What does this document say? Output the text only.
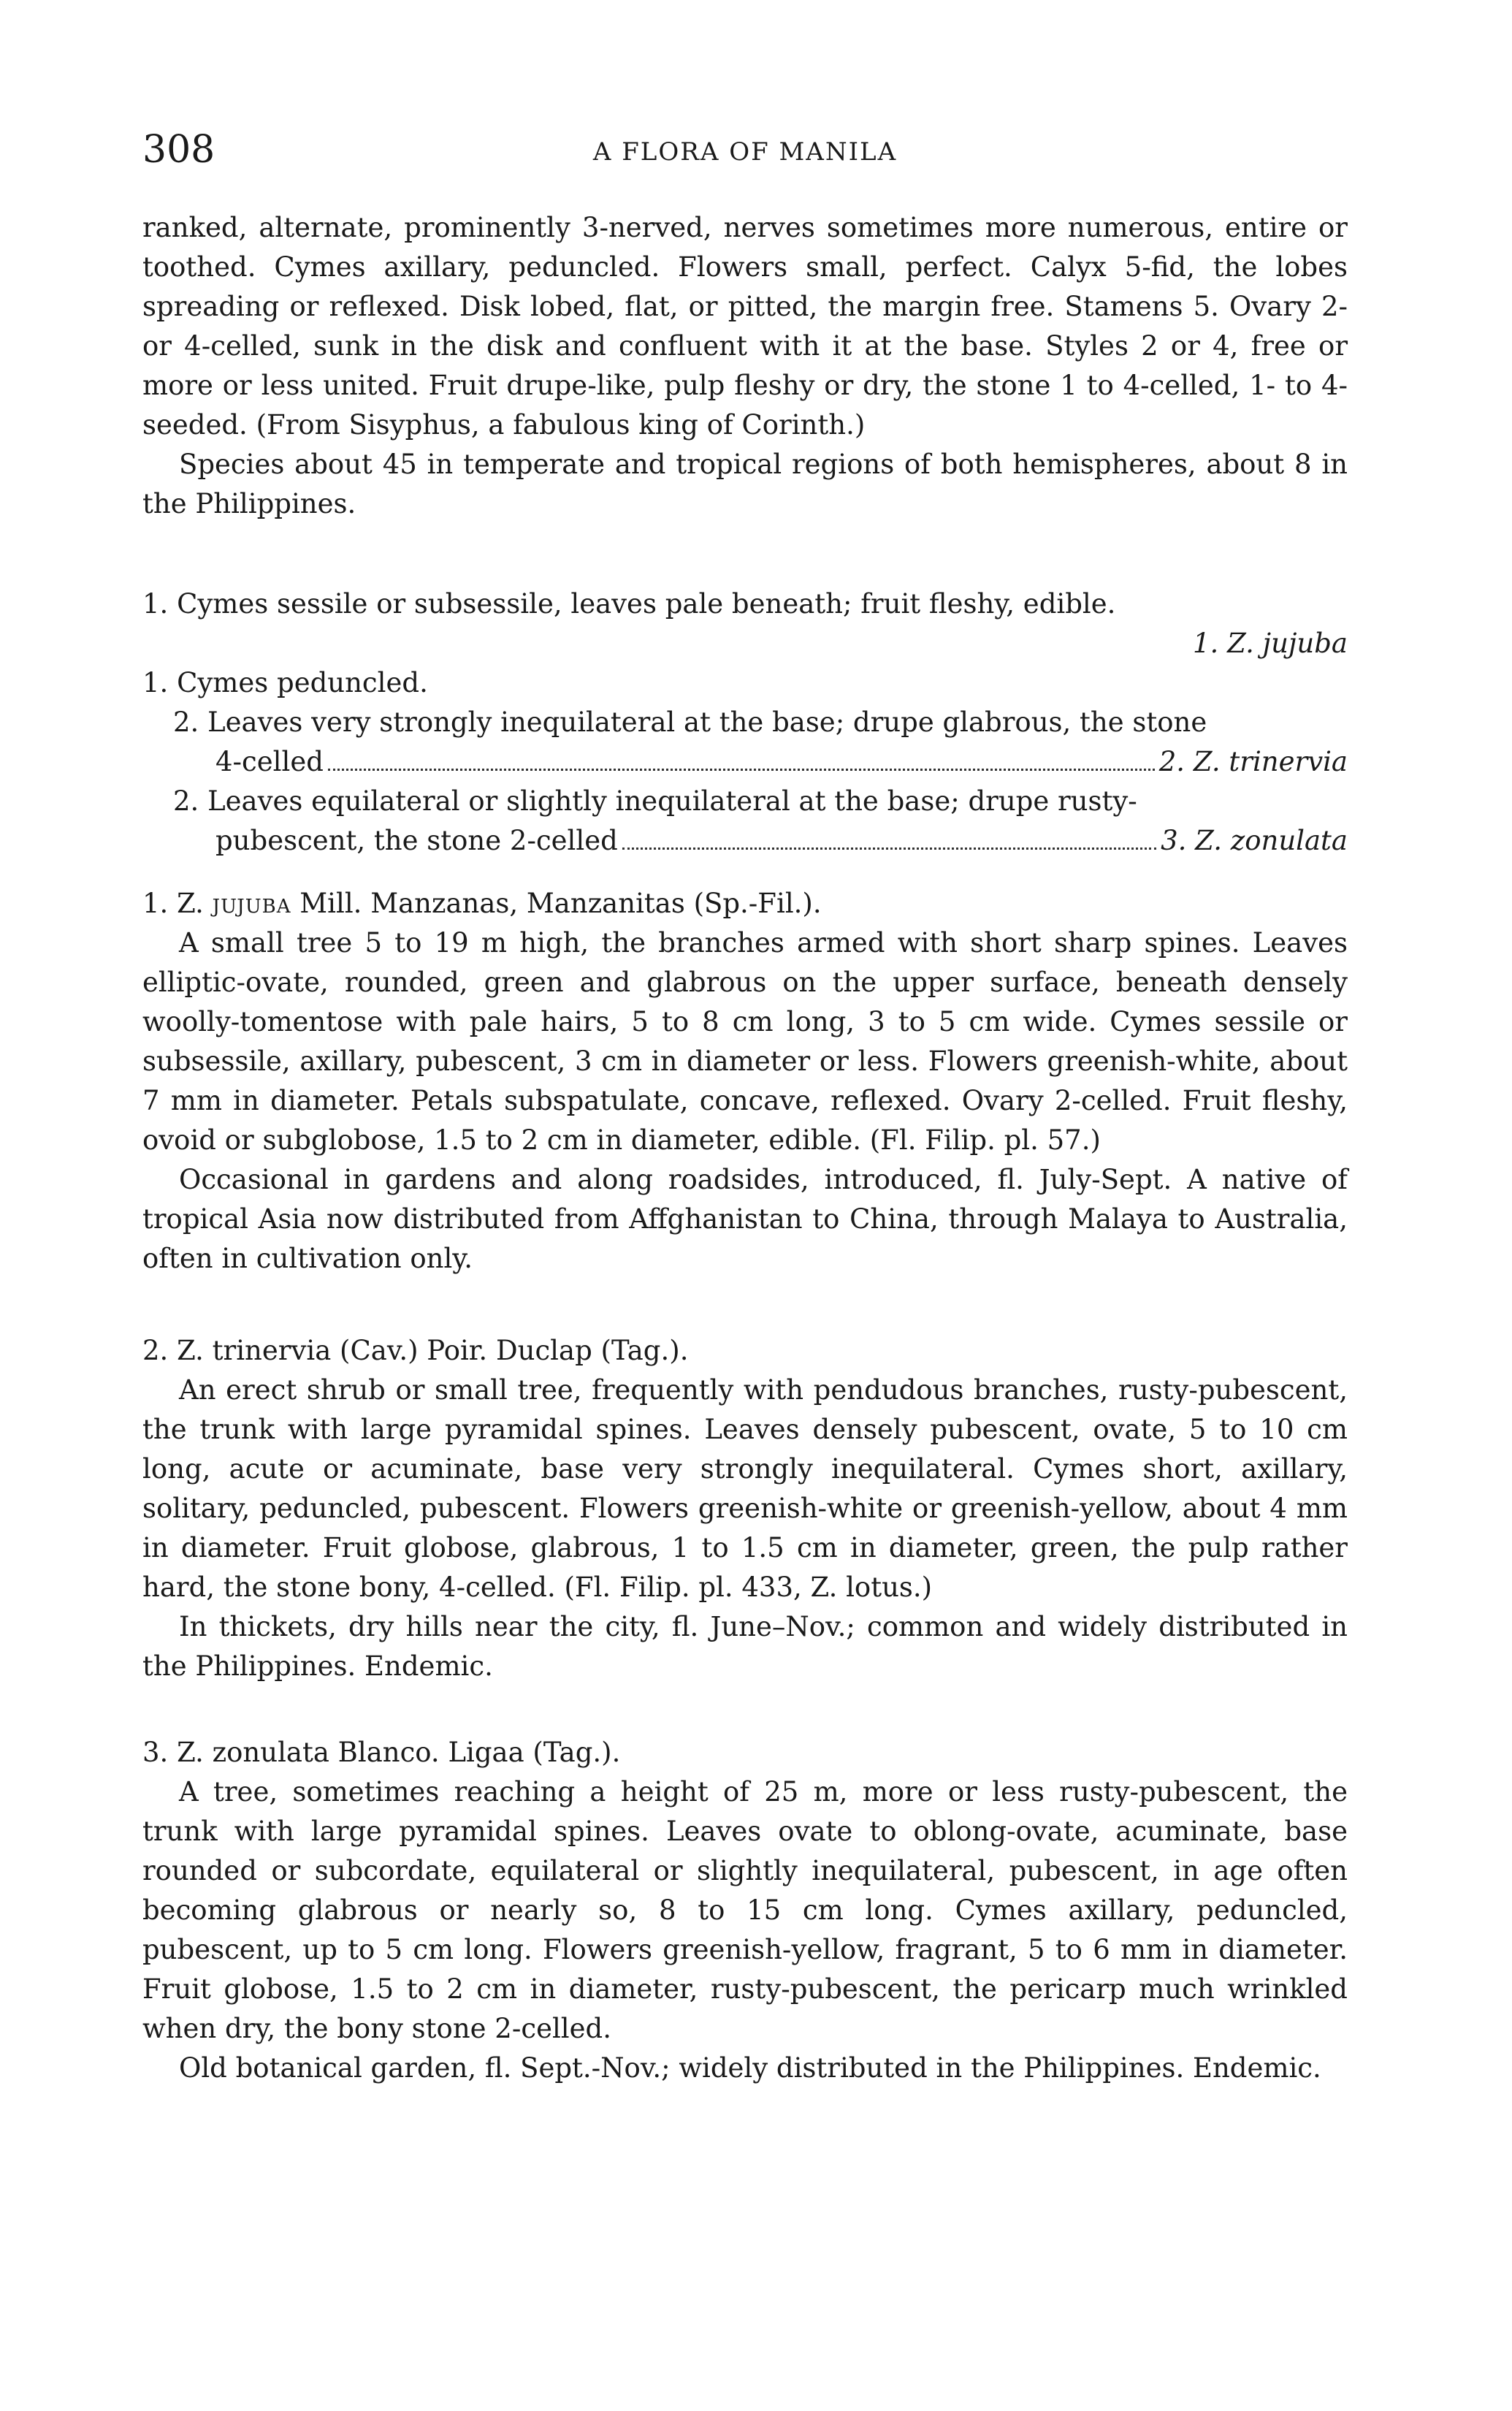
308	A FLORA OF MANILA

ranked, alternate, prominently 3-nerved, nerves sometimes more numerous, entire or toothed. Cymes axillary, peduncled. Flowers small, perfect. Calyx 5-fid, the lobes spreading or reflexed. Disk lobed, flat, or pitted, the margin free. Stamens 5. Ovary 2- or 4-celled, sunk in the disk and confluent with it at the base. Styles 2 or 4, free or more or less united. Fruit drupe-like, pulp fleshy or dry, the stone 1 to 4-celled, 1- to 4-seeded. (From Sisyphus, a fabulous king of Corinth.)

Species about 45 in temperate and tropical regions of both hemispheres, about 8 in the Philippines.

1. Cymes sessile or subsessile, leaves pale beneath; fruit fleshy, edible.
1. Z. jujuba
1. Cymes peduncled.
2. Leaves very strongly inequilateral at the base; drupe glabrous, the stone
4-celled	2. Z. trinervia
2. Leaves equilateral or slightly inequilateral at the base; drupe rusty-
pubescent, the stone 2-celled	3. Z. zonulata

1. Z. jujuba Mill. Manzanas, Manzanitas (Sp.-Fil.).

A small tree 5 to 19 m high, the branches armed with short sharp spines. Leaves elliptic-ovate, rounded, green and glabrous on the upper surface, beneath densely woolly-tomentose with pale hairs, 5 to 8 cm long, 3 to 5 cm wide. Cymes sessile or subsessile, axillary, pubescent, 3 cm in diameter or less. Flowers greenish-white, about 7 mm in diameter. Petals subspatulate, concave, reflexed. Ovary 2-celled. Fruit fleshy, ovoid or subglobose, 1.5 to 2 cm in diameter, edible. (Fl. Filip. pl. 57.)

Occasional in gardens and along roadsides, introduced, fl. July-Sept. A native of tropical Asia now distributed from Affghanistan to China, through Malaya to Australia, often in cultivation only.

2. Z. trinervia (Cav.) Poir. Duclap (Tag.).

An erect shrub or small tree, frequently with pendudous branches, rusty-pubescent, the trunk with large pyramidal spines. Leaves densely pubescent, ovate, 5 to 10 cm long, acute or acuminate, base very strongly inequilateral. Cymes short, axillary, solitary, peduncled, pubescent. Flowers greenish-white or greenish-yellow, about 4 mm in diameter. Fruit globose, glabrous, 1 to 1.5 cm in diameter, green, the pulp rather hard, the stone bony, 4-celled. (Fl. Filip. pl. 433, Z. lotus.)

In thickets, dry hills near the city, fl. June–Nov.; common and widely distributed in the Philippines. Endemic.

3. Z. zonulata Blanco. Ligaa (Tag.).

A tree, sometimes reaching a height of 25 m, more or less rusty-pubescent, the trunk with large pyramidal spines. Leaves ovate to oblong-ovate, acuminate, base rounded or subcordate, equilateral or slightly inequilateral, pubescent, in age often becoming glabrous or nearly so, 8 to 15 cm long. Cymes axillary, peduncled, pubescent, up to 5 cm long. Flowers greenish-yellow, fragrant, 5 to 6 mm in diameter. Fruit globose, 1.5 to 2 cm in diameter, rusty-pubescent, the pericarp much wrinkled when dry, the bony stone 2-celled.

Old botanical garden, fl. Sept.-Nov.; widely distributed in the Philippines. Endemic.
